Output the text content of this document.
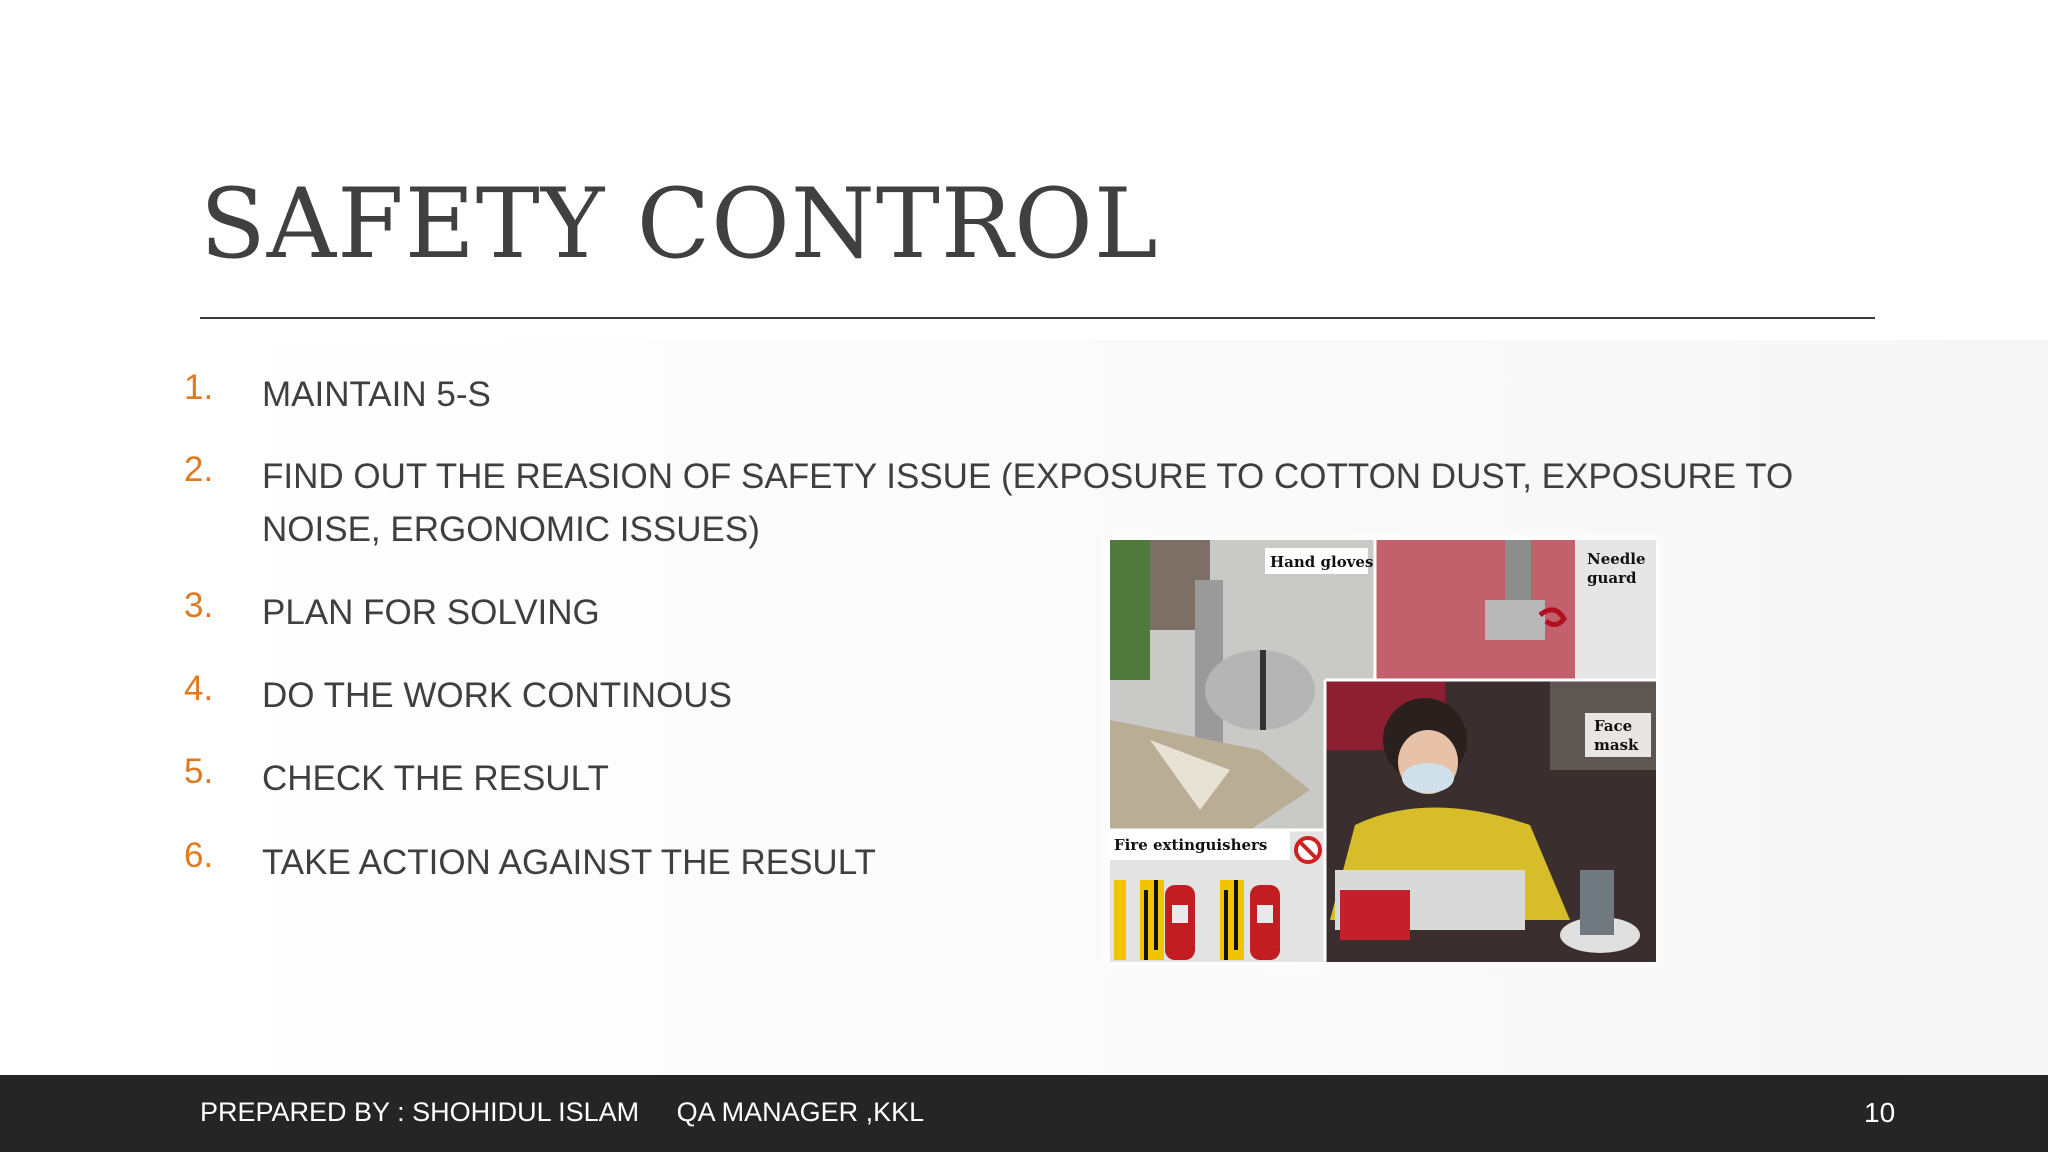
SAFETY CONTROL
1. MAINTAIN 5-S
2. FIND OUT THE REASION OF SAFETY ISSUE (EXPOSURE TO COTTON DUST, EXPOSURE TO NOISE, ERGONOMIC ISSUES)
3. PLAN FOR SOLVING
4. DO THE WORK CONTINOUS
5. CHECK THE RESULT
6. TAKE ACTION AGAINST THE RESULT
Hand gloves	Needle
guard
Face
mask
Fire extinguishers
PREPARED BY : SHOHIDUL ISLAM     QA MANAGER ,KKL	10
